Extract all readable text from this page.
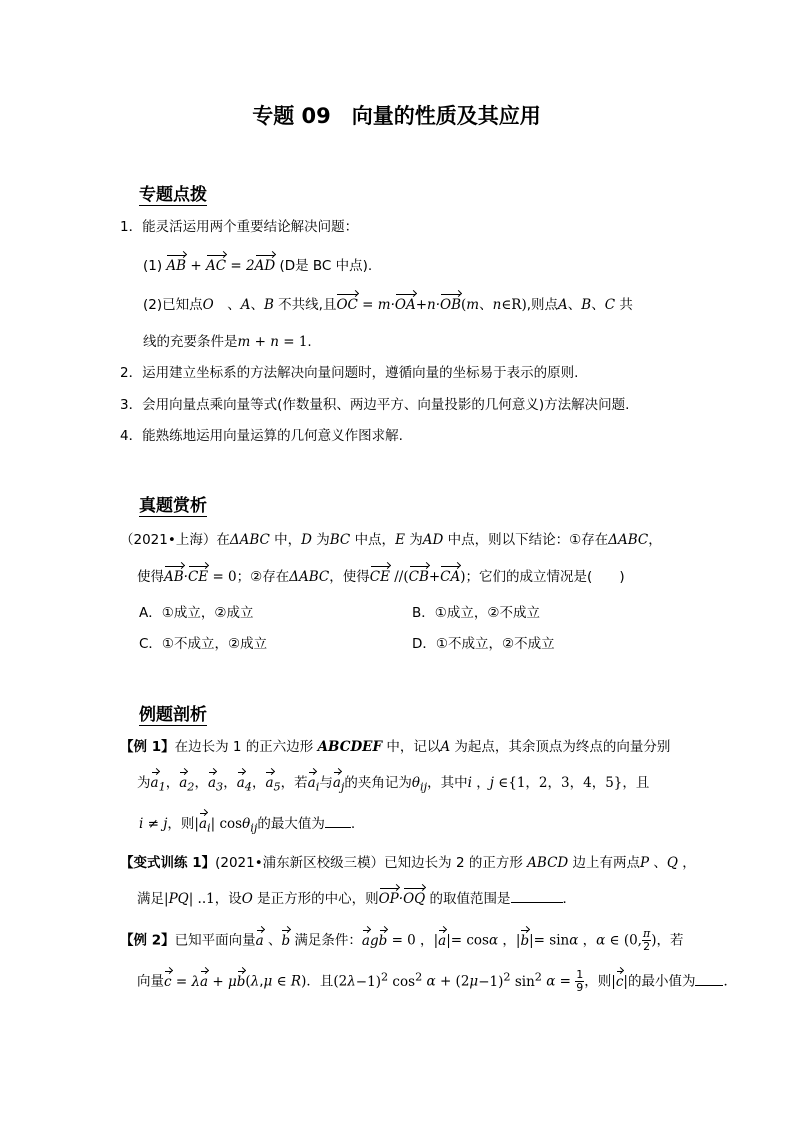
专题 09　向量的性质及其应用
专题点拨
1．能灵活运用两个重要结论解决问题：
(1) AB + AC = 2AD (D是 BC 中点).
(2)已知点O　、A、B 不共线,且OC = m·OA+n·OB(m、n∈R),则点A、B、C 共
线的充要条件是m + n = 1.
2．运用建立坐标系的方法解决向量问题时，遵循向量的坐标易于表示的原则.
3．会用向量点乘向量等式(作数量积、两边平方、向量投影的几何意义)方法解决问题.
4．能熟练地运用向量运算的几何意义作图求解.
真题赏析
（2021•上海）在ΔABC 中，D 为BC 中点，E 为AD 中点，则以下结论：①存在ΔABC，
使得AB·CE = 0；②存在ΔABC，使得CE //(CB+CA)；它们的成立情况是(　　)
A．①成立，②成立	B．①成立，②不成立
C．①不成立，②成立	D．①不成立，②不成立
例题剖析
【例 1】在边长为 1 的正六边形 ABCDEF 中，记以A 为起点，其余顶点为终点的向量分别
为$a_1$，$a_2$，$a_3$，$a_4$，$a_5$，若$a_i$与$a_j$的夹角记为$\theta_{ij}$，其中i ，j ∈{1，2，3，4，5}，且
i ≠ j，则$|a_i|$ cosθ$_{ij}$的最大值为 .
【变式训练 1】(2021•浦东新区校级三模）已知边长为 2 的正方形 ABCD 边上有两点P 、Q ，
满足|PQ| ..1，设O 是正方形的中心，则OP·OQ 的取值范围是	．
【例 2】已知平面向量a 、b 满足条件：agb = 0 ，|a|= cosα ，|b|= sinα ，α ∈ (0, $\frac{\pi}{2}$ )，若
向量c = λa + μb(λ,μ ∈ R)．且$(2\lambda-1)^2$ $\cos^2 \alpha + (2\mu-1)^2$ $\sin^2 \alpha = \frac{1}{9}$ ，则|c|的最小值为 ．
